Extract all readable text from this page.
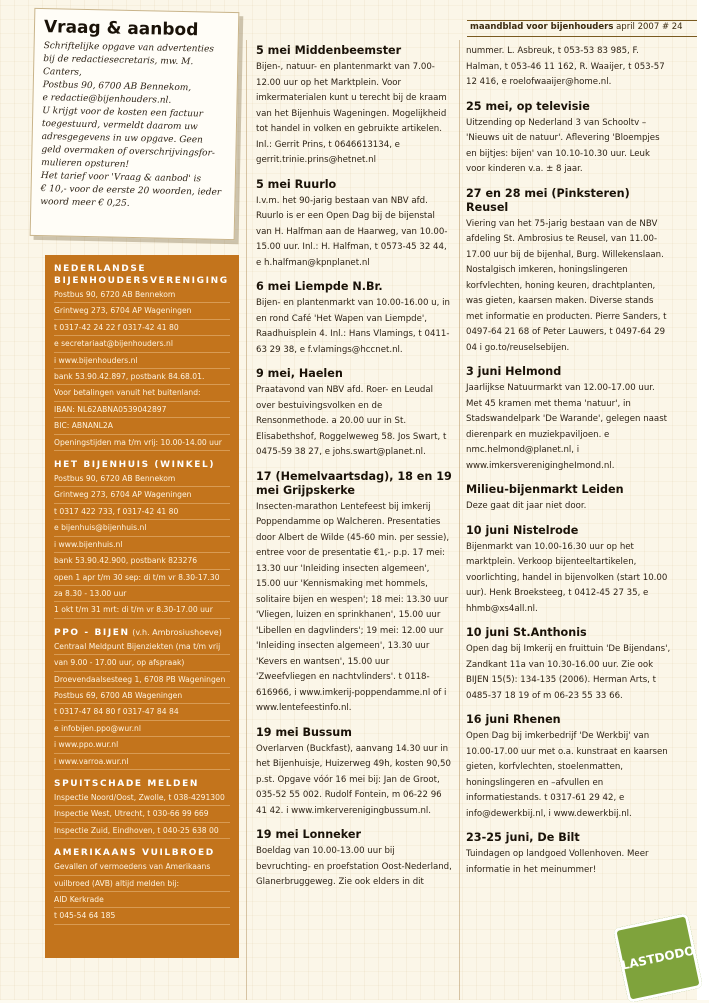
maandblad voor bijenhouders april 2007 # 24
Vraag & aanbod
Schriftelijke opgave van advertenties
bij de redactiesecretaris, mw. M. Canters,
Postbus 90, 6700 AB Bennekom,
e redactie@bijenhouders.nl.
U krijgt voor de kosten een factuur
toegestuurd, vermeldt daarom uw
adresgegevens in uw opgave. Geen
geld overmaken of overschrijvingsfor-
mulieren opsturen!
Het tarief voor 'Vraag & aanbod' is
€ 10,- voor de eerste 20 woorden, ieder
woord meer € 0,25.
NEDERLANDSE BIJENHOUDERSVERENIGING
Postbus 90, 6720 AB Bennekom
Grintweg 273, 6704 AP Wageningen
t 0317-42 24 22 f 0317-42 41 80
e secretariaat@bijenhouders.nl
i www.bijenhouders.nl
bank 53.90.42.897, postbank 84.68.01.
Voor betalingen vanuit het buitenland:
IBAN: NL62ABNA0539042897
BIC: ABNANL2A
Openingstijden ma t/m vrij: 10.00-14.00 uur
HET BIJENHUIS (WINKEL)
Postbus 90, 6720 AB Bennekom
Grintweg 273, 6704 AP Wageningen
t 0317 422 733, f 0317-42 41 80
e bijenhuis@bijenhuis.nl
i www.bijenhuis.nl
bank 53.90.42.900, postbank 823276
open 1 apr t/m 30 sep: di t/m vr 8.30-17.30
za 8.30 - 13.00 uur
1 okt t/m 31 mrt: di t/m vr 8.30-17.00 uur
PPO - BIJEN (v.h. Ambrosiushoeve)
Centraal Meldpunt Bijenziekten (ma t/m vrij
van 9.00 - 17.00 uur, op afspraak)
Droevendaalsesteeg 1, 6708 PB Wageningen
Postbus 69, 6700 AB Wageningen
t 0317-47 84 80 f 0317-47 84 84
e infobijen.ppo@wur.nl
i www.ppo.wur.nl
i www.varroa.wur.nl
SPUITSCHADE MELDEN
Inspectie Noord/Oost, Zwolle, t 038-4291300
Inspectie West, Utrecht, t 030-66 99 669
Inspectie Zuid, Eindhoven, t 040-25 638 00
AMERIKAANS VUILBROED
Gevallen of vermoedens van Amerikaans
vuilbroed (AVB) altijd melden bij:
AID Kerkrade
t 045-54 64 185
5 mei Middenbeemster

Bijen-, natuur- en plantenmarkt van 7.00-12.00 uur op het Marktplein. Voor imkermaterialen kunt u terecht bij de kraam van het Bijenhuis Wageningen. Mogelijkheid tot handel in volken en gebruikte artikelen. Inl.: Gerrit Prins, t 0646613134, e gerrit.trinie.prins@hetnet.nl

5 mei Ruurlo

I.v.m. het 90-jarig bestaan van NBV afd. Ruurlo is er een Open Dag bij de bijenstal van H. Halfman aan de Haarweg, van 10.00-15.00 uur. Inl.: H. Halfman, t 0573-45 32 44, e h.halfman@kpnplanet.nl

6 mei Liempde N.Br.

Bijen- en plantenmarkt van 10.00-16.00 u, in en rond Café 'Het Wapen van Liempde', Raadhuisplein 4. Inl.: Hans Vlamings, t 0411-63 29 38, e f.vlamings@hccnet.nl.

9 mei, Haelen

Praatavond van NBV afd. Roer- en Leudal over bestuivingsvolken en de Rensonmethode. a 20.00 uur in St. Elisabethshof, Roggelweweg 58. Jos Swart, t 0475-59 38 27, e johs.swart@planet.nl.

17 (Hemelvaartsdag), 18 en 19 mei Grijpskerke

Insecten-marathon Lentefeest bij imkerij Poppendamme op Walcheren. Presentaties door Albert de Wilde (45-60 min. per sessie), entree voor de presentatie €1,- p.p. 17 mei: 13.30 uur 'Inleiding insecten algemeen', 15.00 uur 'Kennismaking met hommels, solitaire bijen en wespen'; 18 mei: 13.30 uur 'Vliegen, luizen en sprinkhanen', 15.00 uur 'Libellen en dagvlinders'; 19 mei: 12.00 uur 'Inleiding insecten algemeen', 13.30 uur 'Kevers en wantsen', 15.00 uur 'Zweefvliegen en nachtvlinders'. t 0118-616966, i www.imkerij-poppendamme.nl of i www.lentefeestinfo.nl.

19 mei Bussum

Overlarven (Buckfast), aanvang 14.30 uur in het Bijenhuisje, Huizerweg 49h, kosten 90,50 p.st. Opgave vóór 16 mei bij: Jan de Groot, 035-52 55 002. Rudolf Fontein, m 06-22 96 41 42. i www.imkerverenigingbussum.nl.

19 mei Lonneker

Boeldag van 10.00-13.00 uur bij bevruchting- en proefstation Oost-Nederland, Glanerbruggeweg. Zie ook elders in dit

nummer. L. Asbreuk, t 053-53 83 985, F. Halman, t 053-46 11 162, R. Waaijer, t 053-57 12 416, e roelofwaaijer@home.nl.

25 mei, op televisie

Uitzending op Nederland 3 van Schooltv – 'Nieuws uit de natuur'. Aflevering 'Bloempjes en bijtjes: bijen' van 10.10-10.30 uur. Leuk voor kinderen v.a. ± 8 jaar.

27 en 28 mei (Pinksteren) Reusel

Viering van het 75-jarig bestaan van de NBV afdeling St. Ambrosius te Reusel, van 11.00-17.00 uur bij de bijenhal, Burg. Willekenslaan. Nostalgisch imkeren, honingslingeren korfvlechten, honing keuren, drachtplanten, was gieten, kaarsen maken. Diverse stands met informatie en producten. Pierre Sanders, t 0497-64 21 68 of Peter Lauwers, t 0497-64 29 04 i go.to/reuselsebijen.

3 juni Helmond

Jaarlijkse Natuurmarkt van 12.00-17.00 uur. Met 45 kramen met thema 'natuur', in Stadswandelpark 'De Warande', gelegen naast dierenpark en muziekpaviljoen. e nmc.helmond@planet.nl, i www.imkersverenigingheImond.nl.

Milieu-bijenmarkt Leiden

Deze gaat dit jaar niet door.

10 juni Nistelrode

Bijenmarkt van 10.00-16.30 uur op het marktplein. Verkoop bijenteeltartikelen, voorlichting, handel in bijenvolken (start 10.00 uur). Henk Broeksteeg, t 0412-45 27 35, e hhmb@xs4all.nl.

10 juni St.Anthonis

Open dag bij Imkerij en fruittuin 'De Bijendans', Zandkant 11a van 10.30-16.00 uur. Zie ook BIJEN 15(5): 134-135 (2006). Herman Arts, t 0485-37 18 19 of m 06-23 55 33 66.

16 juni Rhenen

Open Dag bij imkerbedrijf 'De Werkbij' van 10.00-17.00 uur met o.a. kunstraat en kaarsen gieten, korfvlechten, stoelenmatten, honingslingeren en –afvullen en informatiestands. t 0317-61 29 42, e info@dewerkbij.nl, i www.dewerkbij.nl.

23-25 juni, De Bilt

Tuindagen op landgoed Vollenhoven. Meer informatie in het meinummer!

LASTDODO
